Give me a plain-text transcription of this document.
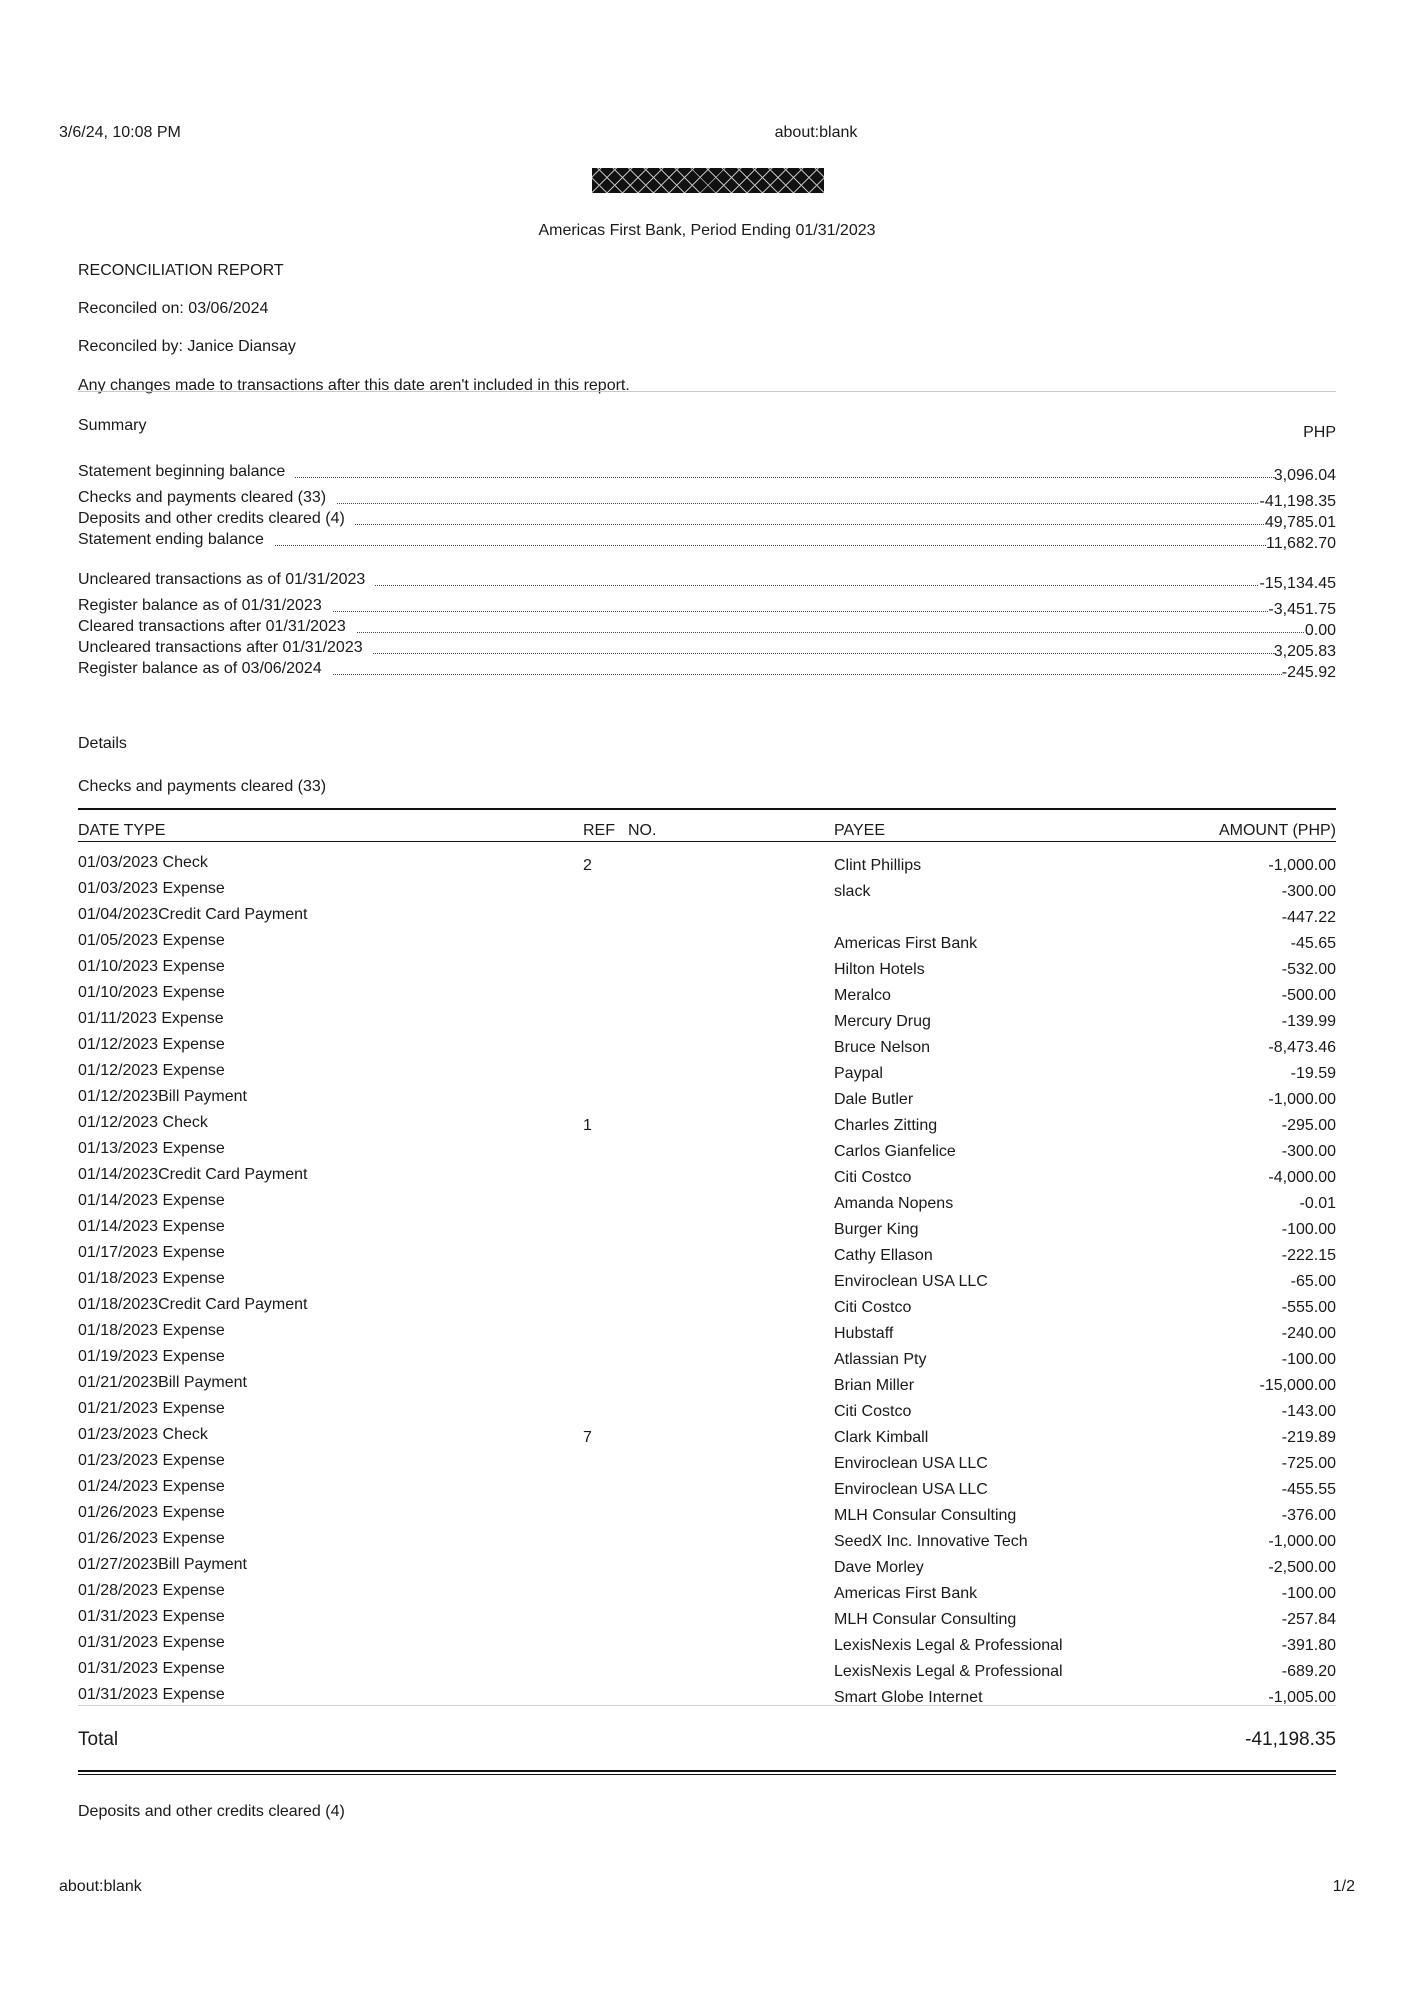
3/6/24, 10:08 PM	about:blank
Americas First Bank, Period Ending 01/31/2023
RECONCILIATION REPORT
Reconciled on: 03/06/2024
Reconciled by: Janice Diansay
Any changes made to transactions after this date aren't included in this report.
Summary	PHP
Statement beginning balance	3,096.04
Checks and payments cleared (33)	-41,198.35
Deposits and other credits cleared (4)	49,785.01
Statement ending balance	11,682.70
Uncleared transactions as of 01/31/2023	-15,134.45
Register balance as of 01/31/2023	-3,451.75
Cleared transactions after 01/31/2023	0.00
Uncleared transactions after 01/31/2023	3,205.83
Register balance as of 03/06/2024	-245.92
Details
Checks and payments cleared (33)
DATE TYPE	REF NO.	PAYEE	AMOUNT (PHP)
01/03/2023 Check	2	Clint Phillips	-1,000.00
01/03/2023 Expense	slack	-300.00
01/04/2023Credit Card Payment	-447.22
01/05/2023 Expense	Americas First Bank	-45.65
01/10/2023 Expense	Hilton Hotels	-532.00
01/10/2023 Expense	Meralco	-500.00
01/11/2023 Expense	Mercury Drug	-139.99
01/12/2023 Expense	Bruce Nelson	-8,473.46
01/12/2023 Expense	Paypal	-19.59
01/12/2023Bill Payment	Dale Butler	-1,000.00
01/12/2023 Check	1	Charles Zitting	-295.00
01/13/2023 Expense	Carlos Gianfelice	-300.00
01/14/2023Credit Card Payment	Citi Costco	-4,000.00
01/14/2023 Expense	Amanda Nopens	-0.01
01/14/2023 Expense	Burger King	-100.00
01/17/2023 Expense	Cathy Ellason	-222.15
01/18/2023 Expense	Enviroclean USA LLC	-65.00
01/18/2023Credit Card Payment	Citi Costco	-555.00
01/18/2023 Expense	Hubstaff	-240.00
01/19/2023 Expense	Atlassian Pty	-100.00
01/21/2023Bill Payment	Brian Miller	-15,000.00
01/21/2023 Expense	Citi Costco	-143.00
01/23/2023 Check	7	Clark Kimball	-219.89
01/23/2023 Expense	Enviroclean USA LLC	-725.00
01/24/2023 Expense	Enviroclean USA LLC	-455.55
01/26/2023 Expense	MLH Consular Consulting	-376.00
01/26/2023 Expense	SeedX Inc. Innovative Tech	-1,000.00
01/27/2023Bill Payment	Dave Morley	-2,500.00
01/28/2023 Expense	Americas First Bank	-100.00
01/31/2023 Expense	MLH Consular Consulting	-257.84
01/31/2023 Expense	LexisNexis Legal & Professional	-391.80
01/31/2023 Expense	LexisNexis Legal & Professional	-689.20
01/31/2023 Expense	Smart Globe Internet	-1,005.00
Total	-41,198.35
Deposits and other credits cleared (4)
about:blank	1/2
